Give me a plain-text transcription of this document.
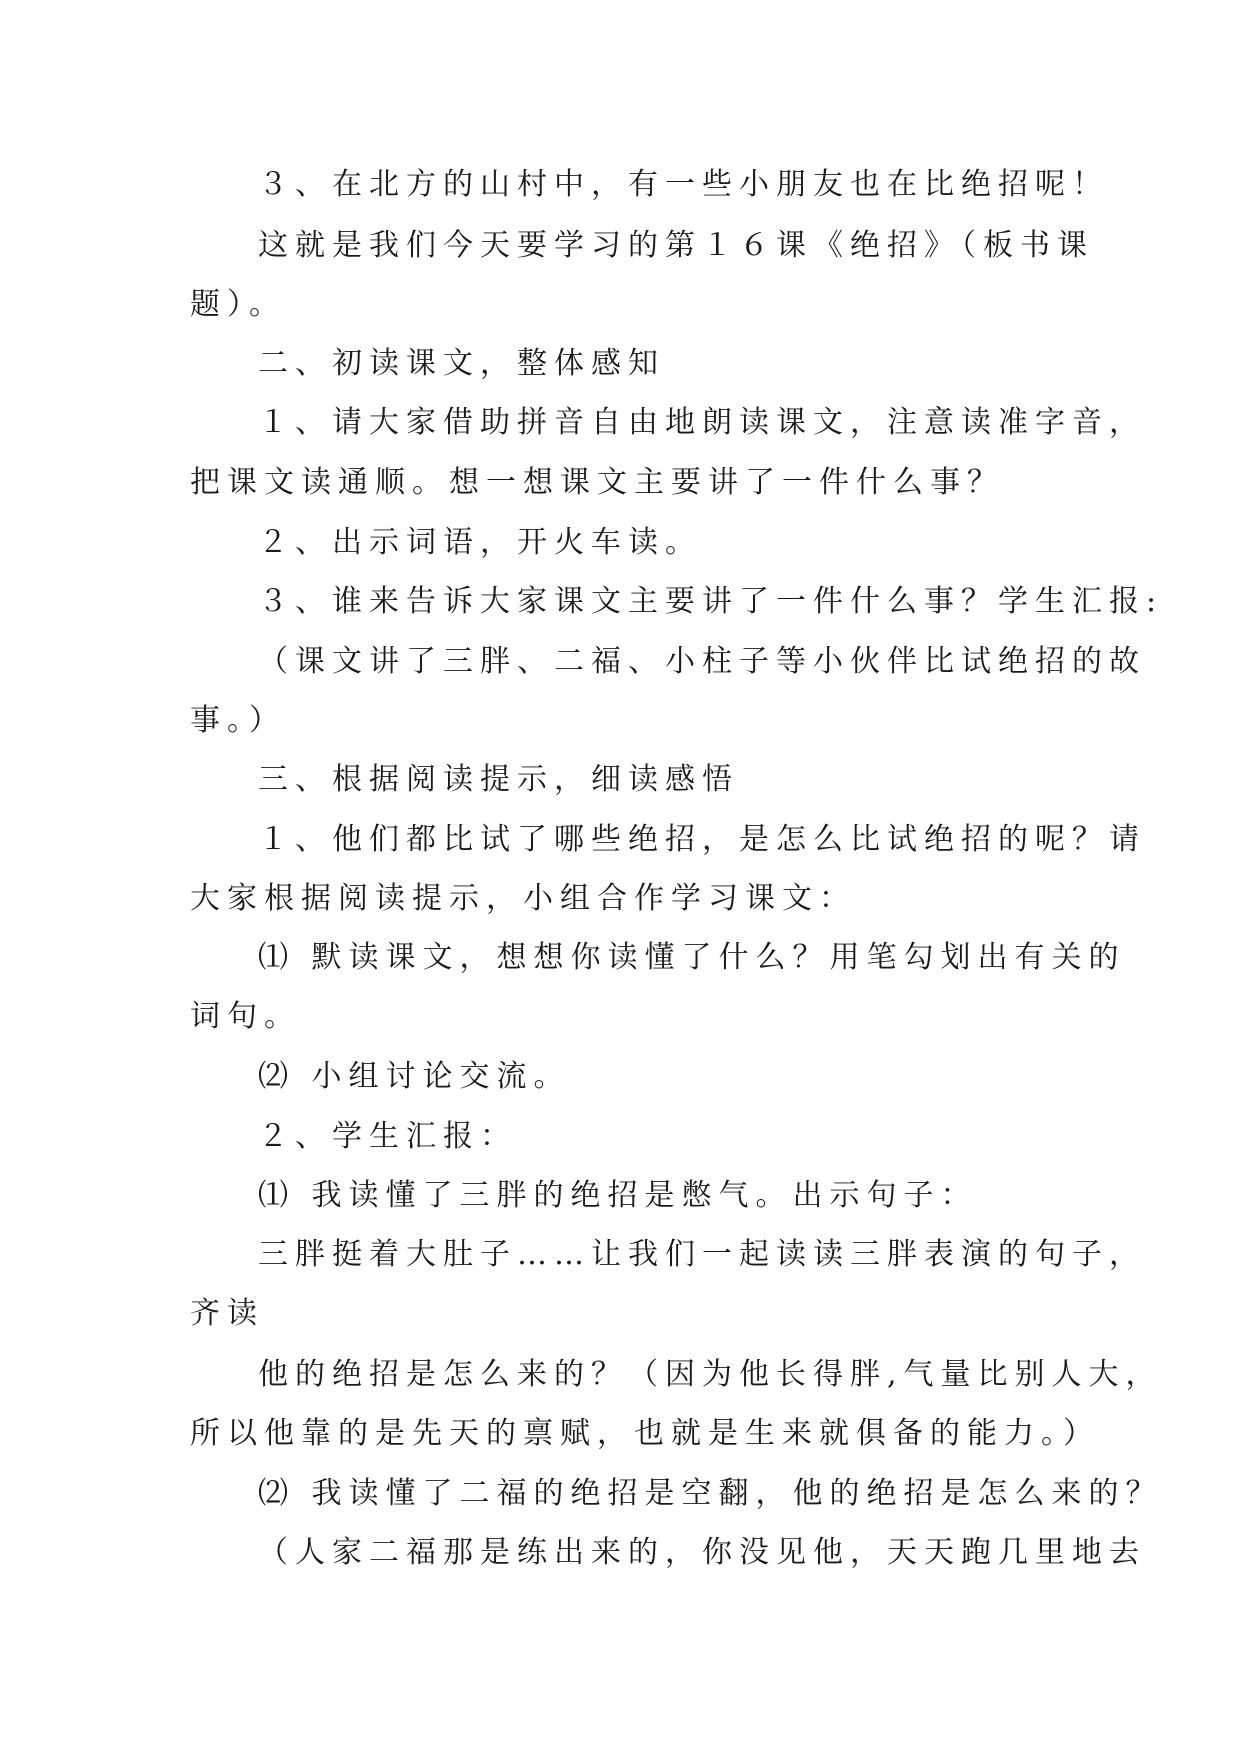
３、在北方的山村中，有一些小朋友也在比绝招呢！
这就是我们今天要学习的第１６课《绝招》（板书课
题）。
二、初读课文，整体感知
１、请大家借助拼音自由地朗读课文，注意读准字音，
把课文读通顺。想一想课文主要讲了一件什么事？
２、出示词语，开火车读。
３、谁来告诉大家课文主要讲了一件什么事？学生汇报:
（课文讲了三胖、二福、小柱子等小伙伴比试绝招的故
事。）
三、根据阅读提示，细读感悟
１、他们都比试了哪些绝招，是怎么比试绝招的呢？请
大家根据阅读提示，小组合作学习课文：
⑴ 默读课文，想想你读懂了什么？用笔勾划出有关的
词句。
⑵ 小组讨论交流。
２、学生汇报：
⑴ 我读懂了三胖的绝招是憋气。出示句子：
三胖挺着大肚子……让我们一起读读三胖表演的句子，
齐读
他的绝招是怎么来的？（因为他长得胖,气量比别人大，
所以他靠的是先天的禀赋，也就是生来就俱备的能力。）
⑵ 我读懂了二福的绝招是空翻，他的绝招是怎么来的？
（人家二福那是练出来的，你没见他，天天跑几里地去
